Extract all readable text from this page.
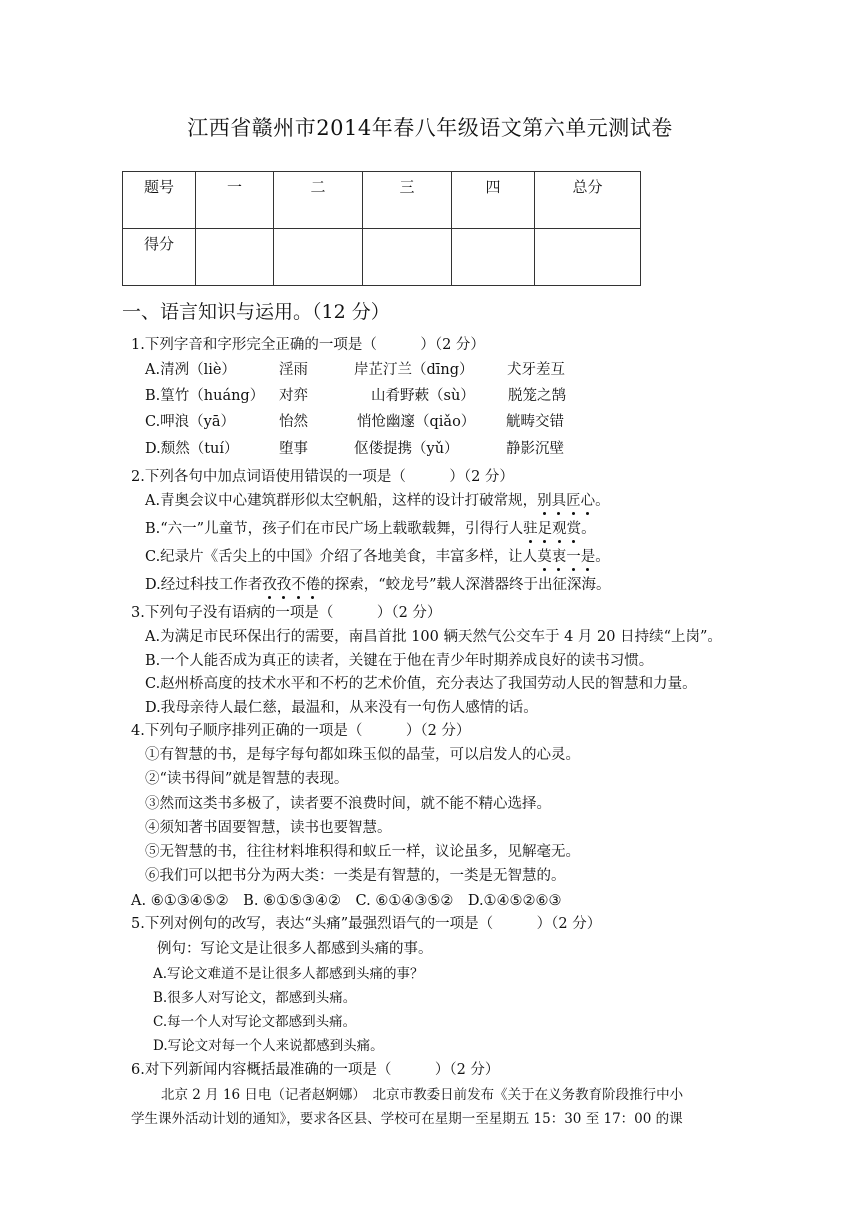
江西省赣州市2014年春八年级语文第六单元测试卷
题号	一	二	三	四	总分
得分					
一、语言知识与运用。（12 分）
1.下列字音和字形完全正确的一项是（　　　）（2 分）
A.清冽（liè）	淫雨	岸芷汀兰（dīng） 犬牙差互
B.篁竹（huáng） 对弈	山肴野蔌（sù） 脱笼之鹄
C.呷浪（yā）	怡然	悄怆幽邃（qiǎo） 觥畴交错
D.颓然（tuí）	堕事	伛偻提携（yǔ）	静影沉壁
2.下列各句中加点词语使用错误的一项是（　　　）（2 分）
A.青奥会议中心建筑群形似太空帆船，这样的设计打破常规，别具匠心。
B.“六一”儿童节，孩子们在市民广场上载歌载舞，引得行人驻足观赏。
C.纪录片《舌尖上的中国》介绍了各地美食，丰富多样，让人莫衷一是。
D.经过科技工作者孜孜不倦的探索，“蛟龙号”载人深潜器终于出征深海。
3.下列句子没有语病的一项是（　　　）（2 分）
A.为满足市民环保出行的需要，南昌首批 100 辆天然气公交车于 4 月 20 日持续“上岗”。
B.一个人能否成为真正的读者，关键在于他在青少年时期养成良好的读书习惯。
C.赵州桥高度的技术水平和不朽的艺术价值，充分表达了我国劳动人民的智慧和力量。
D.我母亲待人最仁慈，最温和，从来没有一句伤人感情的话。
4.下列句子顺序排列正确的一项是（　　　）（2 分）
①有智慧的书，是每字每句都如珠玉似的晶莹，可以启发人的心灵。
②“读书得间”就是智慧的表现。
③然而这类书多极了，读者要不浪费时间，就不能不精心选择。
④须知著书固要智慧，读书也要智慧。
⑤无智慧的书，往往材料堆积得和蚁丘一样，议论虽多，见解毫无。
⑥我们可以把书分为两大类：一类是有智慧的，一类是无智慧的。
A. ⑥①③④⑤②　B. ⑥①⑤③④②　C. ⑥①④③⑤②　D.①④⑤②⑥③
5.下列对例句的改写，表达“头痛”最强烈语气的一项是（　　　）（2 分）
例句：写论文是让很多人都感到头痛的事。
A.写论文难道不是让很多人都感到头痛的事？
B.很多人对写论文，都感到头痛。
C.每一个人对写论文都感到头痛。
D.写论文对每一个人来说都感到头痛。
6.对下列新闻内容概括最准确的一项是（　　　）（2 分）
北京 2 月 16 日电（记者赵婀娜）　北京市教委日前发布《关于在义务教育阶段推行中小
学生课外活动计划的通知》，要求各区县、学校可在星期一至星期五 15：30 至 17：00 的课
